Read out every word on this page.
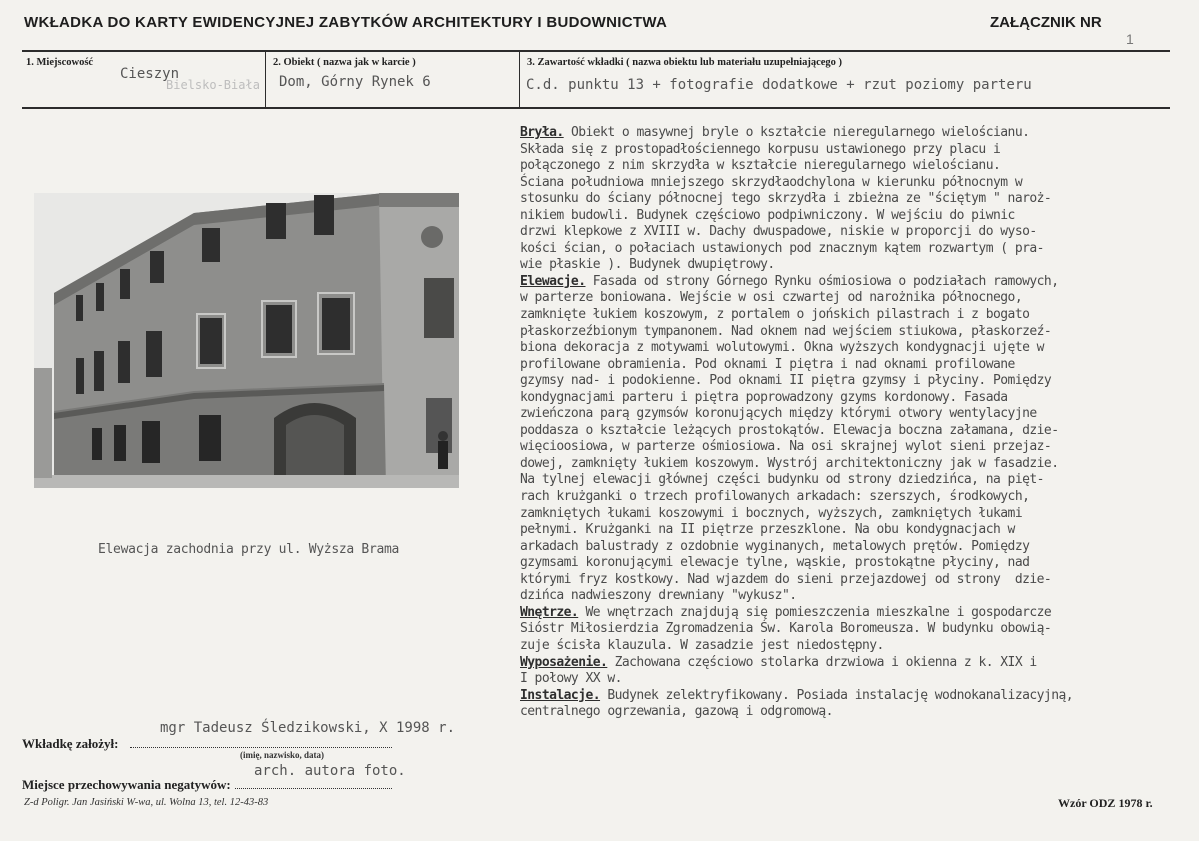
WKŁADKA DO KARTY EWIDENCYJNEJ ZABYTKÓW ARCHITEKTURY I BUDOWNICTWA	ZAŁĄCZNIK NR
1
1. Miejscowość
Bielsko-Biała
Cieszyn
2. Obiekt ( nazwa jak w karcie )
Dom, Górny Rynek 6
3. Zawartość wkładki ( nazwa obiektu lub materiału uzupełniającego )
C.d. punktu 13 + fotografie dodatkowe + rzut poziomy parteru
Elewacja zachodnia przy ul. Wyższa Brama

Bryła. Obiekt o masywnej bryle o kształcie nieregularnego wielościanu.

Składa się z prostopadłościennego korpusu ustawionego przy placu i

połączonego z nim skrzydła w kształcie nieregularnego wielościanu.

Ściana południowa mniejszego skrzydłaodchylona w kierunku północnym w

stosunku do ściany północnej tego skrzydła i zbieżna ze "ściętym " naroż-

nikiem budowli. Budynek częściowo podpiwniczony. W wejściu do piwnic

drzwi klepkowe z XVIII w. Dachy dwuspadowe, niskie w proporcji do wyso-

kości ścian, o połaciach ustawionych pod znacznym kątem rozwartym ( pra-

wie płaskie ). Budynek dwupiętrowy.

Elewacje. Fasada od strony Górnego Rynku ośmiosiowa o podziałach ramowych,

w parterze boniowana. Wejście w osi czwartej od narożnika północnego,

zamknięte łukiem koszowym, z portalem o jońskich pilastrach i z bogato

płaskorzeźbionym tympanonem. Nad oknem nad wejściem stiukowa, płaskorzeź-

biona dekoracja z motywami wolutowymi. Okna wyższych kondygnacji ujęte w

profilowane obramienia. Pod oknami I piętra i nad oknami profilowane

gzymsy nad- i podokienne. Pod oknami II piętra gzymsy i płyciny. Pomiędzy

kondygnacjami parteru i piętra poprowadzony gzyms kordonowy. Fasada

zwieńczona parą gzymsów koronujących między którymi otwory wentylacyjne

poddasza o kształcie leżących prostokątów. Elewacja boczna załamana, dzie-

więcioosiowa, w parterze ośmiosiowa. Na osi skrajnej wylot sieni przejaz-

dowej, zamknięty łukiem koszowym. Wystrój architektoniczny jak w fasadzie.

Na tylnej elewacji głównej części budynku od strony dziedzińca, na pięt-

rach krużganki o trzech profilowanych arkadach: szerszych, środkowych,

zamkniętych łukami koszowymi i bocznych, wyższych, zamkniętych łukami

pełnymi. Krużganki na II piętrze przeszklone. Na obu kondygnacjach w

arkadach balustrady z ozdobnie wyginanych, metalowych prętów. Pomiędzy

gzymsami koronującymi elewacje tylne, wąskie, prostokątne płyciny, nad

którymi fryz kostkowy. Nad wjazdem do sieni przejazdowej od strony  dzie-

dzińca nadwieszony drewniany "wykusz".

Wnętrze. We wnętrzach znajdują się pomieszczenia mieszkalne i gospodarcze

Sióstr Miłosierdzia Zgromadzenia Św. Karola Boromeusza. W budynku obowią-

zuje ścisła klauzula. W zasadzie jest niedostępny.

Wyposażenie. Zachowana częściowo stolarka drzwiowa i okienna z k. XIX i

I połowy XX w.

Instalacje. Budynek zelektryfikowany. Posiada instalację wodnokanalizacyjną,

centralnego ogrzewania, gazową i odgromową.

mgr Tadeusz Śledzikowski, X 1998 r.
Wkładkę założył:
(imię, nazwisko, data)
arch. autora foto.
Miejsce przechowywania negatywów:
Z-d Poligr. Jan Jasiński W-wa, ul. Wolna 13, tel. 12-43-83	Wzór ODZ 1978 r.
